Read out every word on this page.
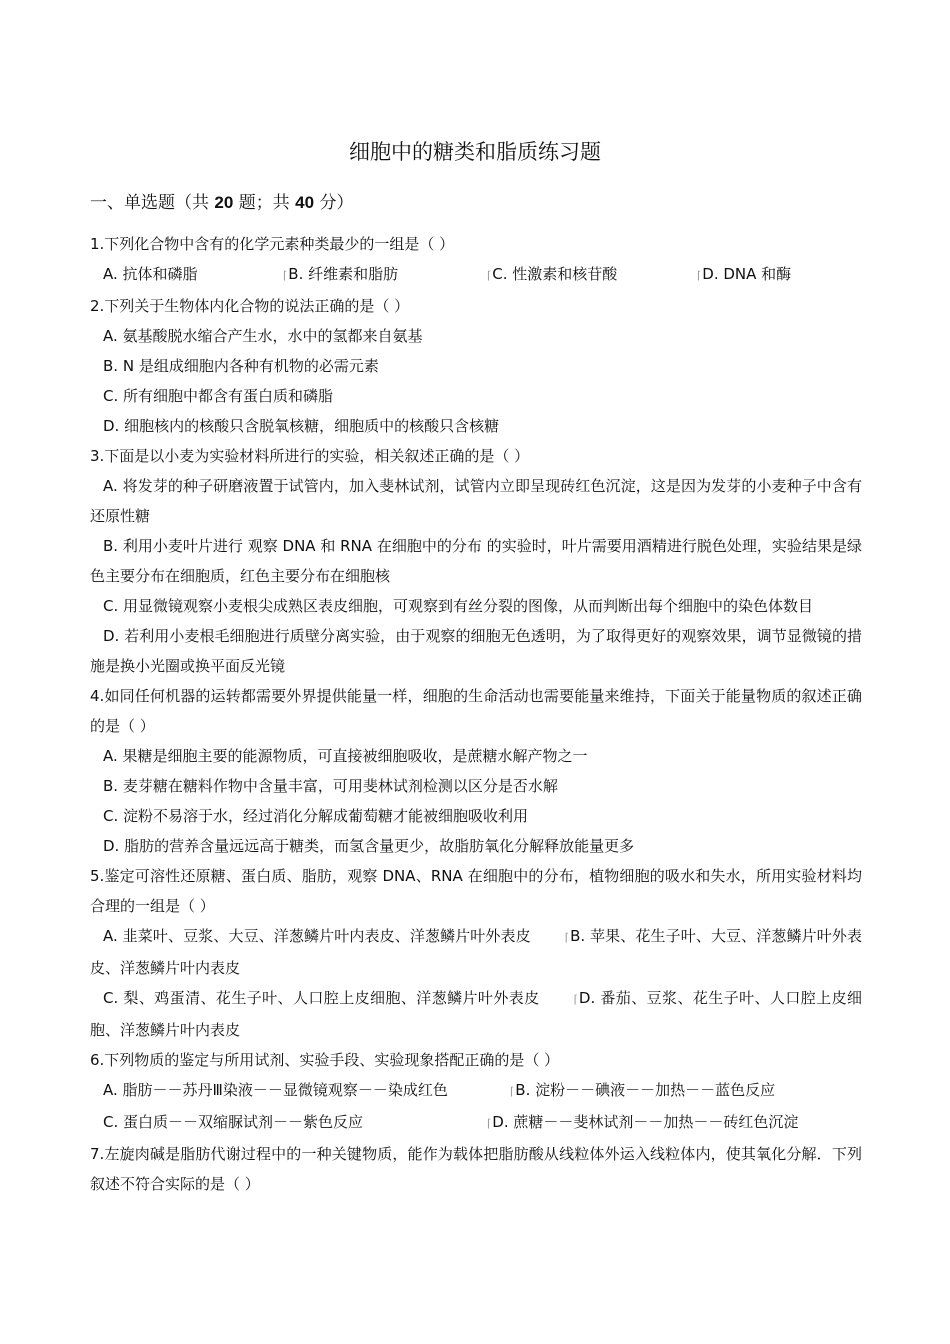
细胞中的糖类和脂质练习题
一、单选题（共 20 题；共 40 分）
1.下列化合物中含有的化学元素种类最少的一组是（ ）
A. 抗体和磷脂	⌈B. 纤维素和脂肪	⌈C. 性激素和核苷酸	⌈D. DNA 和酶
2.下列关于生物体内化合物的说法正确的是（ ）
A. 氨基酸脱水缩合产生水，水中的氢都来自氨基
B. N 是组成细胞内各种有机物的必需元素
C. 所有细胞中都含有蛋白质和磷脂
D. 细胞核内的核酸只含脱氧核糖，细胞质中的核酸只含核糖
3.下面是以小麦为实验材料所进行的实验，相关叙述正确的是（ ）
A. 将发芽的种子研磨液置于试管内，加入斐林试剂，试管内立即呈现砖红色沉淀，这是因为发芽的小麦种子中含有还原性糖
B. 利用小麦叶片进行 观察 DNA 和 RNA 在细胞中的分布 的实验时，叶片需要用酒精进行脱色处理，实验结果是绿色主要分布在细胞质，红色主要分布在细胞核
C. 用显微镜观察小麦根尖成熟区表皮细胞，可观察到有丝分裂的图像，从而判断出每个细胞中的染色体数目
D. 若利用小麦根毛细胞进行质壁分离实验，由于观察的细胞无色透明，为了取得更好的观察效果，调节显微镜的措施是换小光圈或换平面反光镜
4.如同任何机器的运转都需要外界提供能量一样，细胞的生命活动也需要能量来维持，下面关于能量物质的叙述正确的是（ ）
A. 果糖是细胞主要的能源物质，可直接被细胞吸收，是蔗糖水解产物之一
B. 麦芽糖在糖料作物中含量丰富，可用斐林试剂检测以区分是否水解
C. 淀粉不易溶于水，经过消化分解成葡萄糖才能被细胞吸收利用
D. 脂肪的营养含量远远高于糖类，而氢含量更少，故脂肪氧化分解释放能量更多
5.鉴定可溶性还原糖、蛋白质、脂肪，观察 DNA、RNA 在细胞中的分布，植物细胞的吸水和失水，所用实验材料均合理的一组是（ ）
A. 韭菜叶、豆浆、大豆、洋葱鳞片叶内表皮、洋葱鳞片叶外表皮	⌈B. 苹果、花生子叶、大豆、洋葱鳞片叶外表皮、洋葱鳞片叶内表皮
C. 梨、鸡蛋清、花生子叶、人口腔上皮细胞、洋葱鳞片叶外表皮	⌈D. 番茄、豆浆、花生子叶、人口腔上皮细胞、洋葱鳞片叶内表皮
6.下列物质的鉴定与所用试剂、实验手段、实验现象搭配正确的是（ ）
A. 脂肪－－苏丹Ⅲ染液－－显微镜观察－－染成红色	⌈B. 淀粉－－碘液－－加热－－蓝色反应
C. 蛋白质－－双缩脲试剂－－紫色反应	⌈D. 蔗糖－－斐林试剂－－加热－－砖红色沉淀
7.左旋肉碱是脂肪代谢过程中的一种关键物质，能作为载体把脂肪酸从线粒体外运入线粒体内，使其氧化分解．下列叙述不符合实际的是（ ）
